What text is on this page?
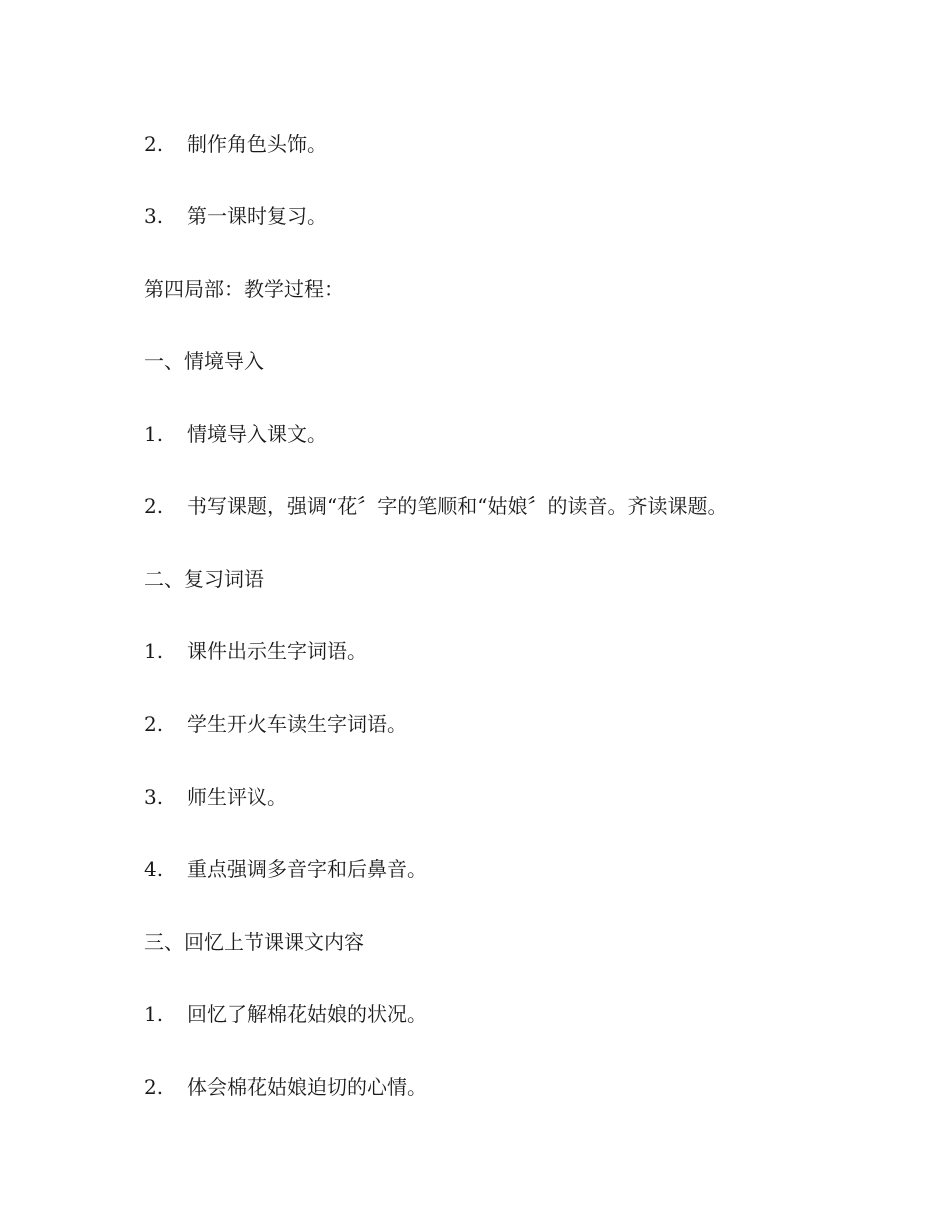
2. 制作角色头饰。
3. 第一课时复习。
第四局部：教学过程：
一、情境导入
1. 情境导入课文。
2. 书写课题，强调“花〞字的笔顺和“姑娘〞的读音。齐读课题。
二、复习词语
1. 课件出示生字词语。
2. 学生开火车读生字词语。
3. 师生评议。
4. 重点强调多音字和后鼻音。
三、回忆上节课课文内容
1. 回忆了解棉花姑娘的状况。
2. 体会棉花姑娘迫切的心情。
